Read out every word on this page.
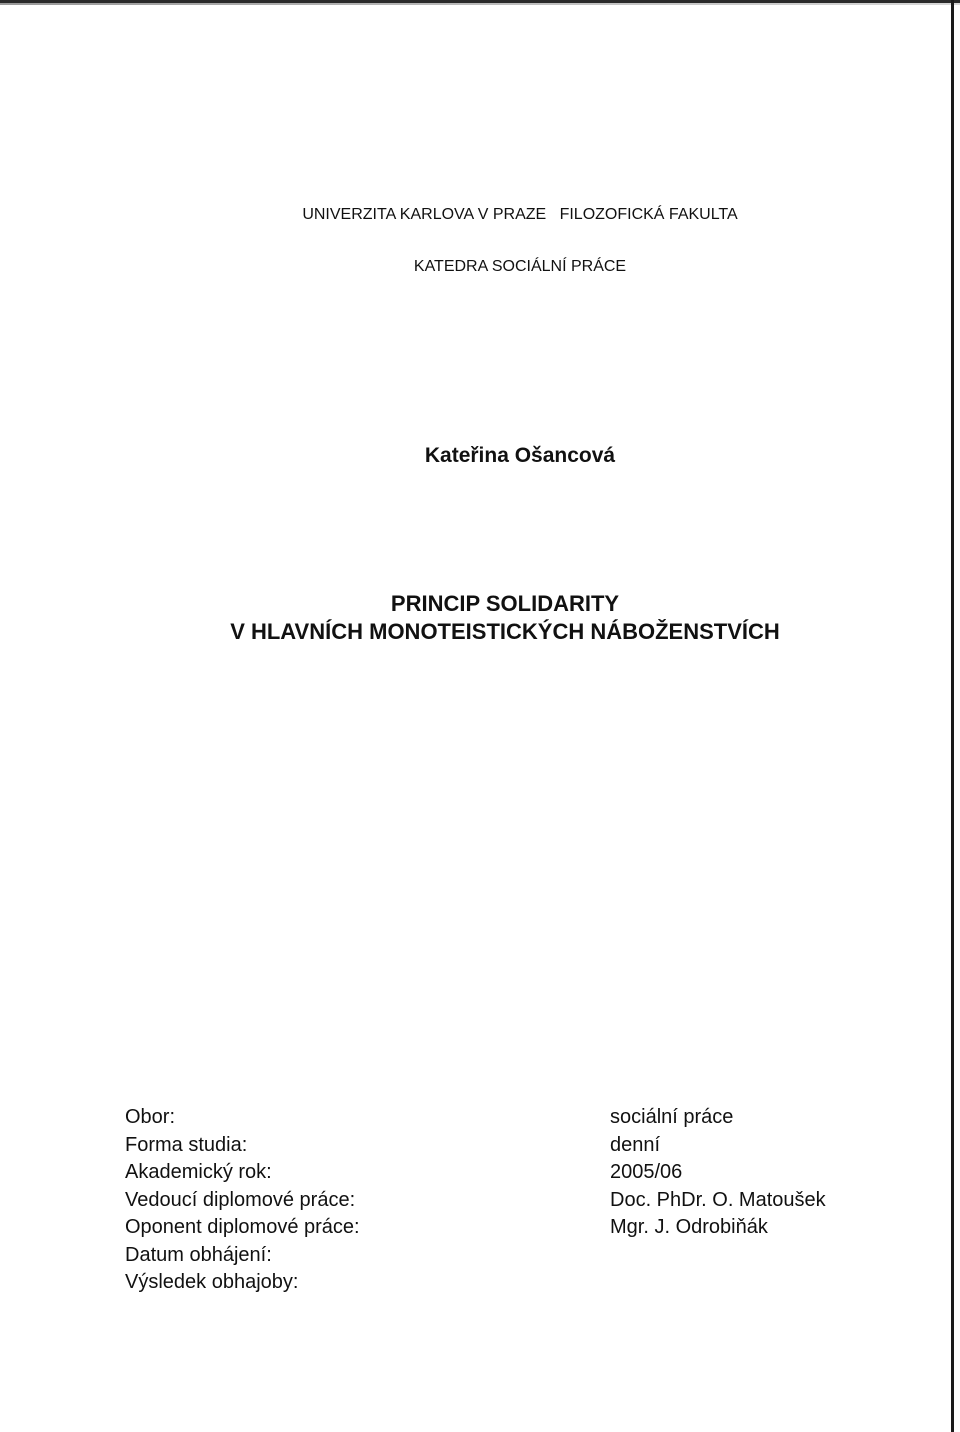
UNIVERZITA KARLOVA V PRAZE FILOZOFICKÁ FAKULTA
KATEDRA SOCIÁLNÍ PRÁCE
Kateřina Ošancová
PRINCIP SOLIDARITY
V HLAVNÍCH MONOTEISTICKÝCH NÁBOŽENSTVÍCH
Obor:	sociální práce
Forma studia:	denní
Akademický rok:	2005/06
Vedoucí diplomové práce:	Doc. PhDr. O. Matoušek
Oponent diplomové práce:	Mgr. J. Odrobiňák
Datum obhájení:
Výsledek obhajoby:
